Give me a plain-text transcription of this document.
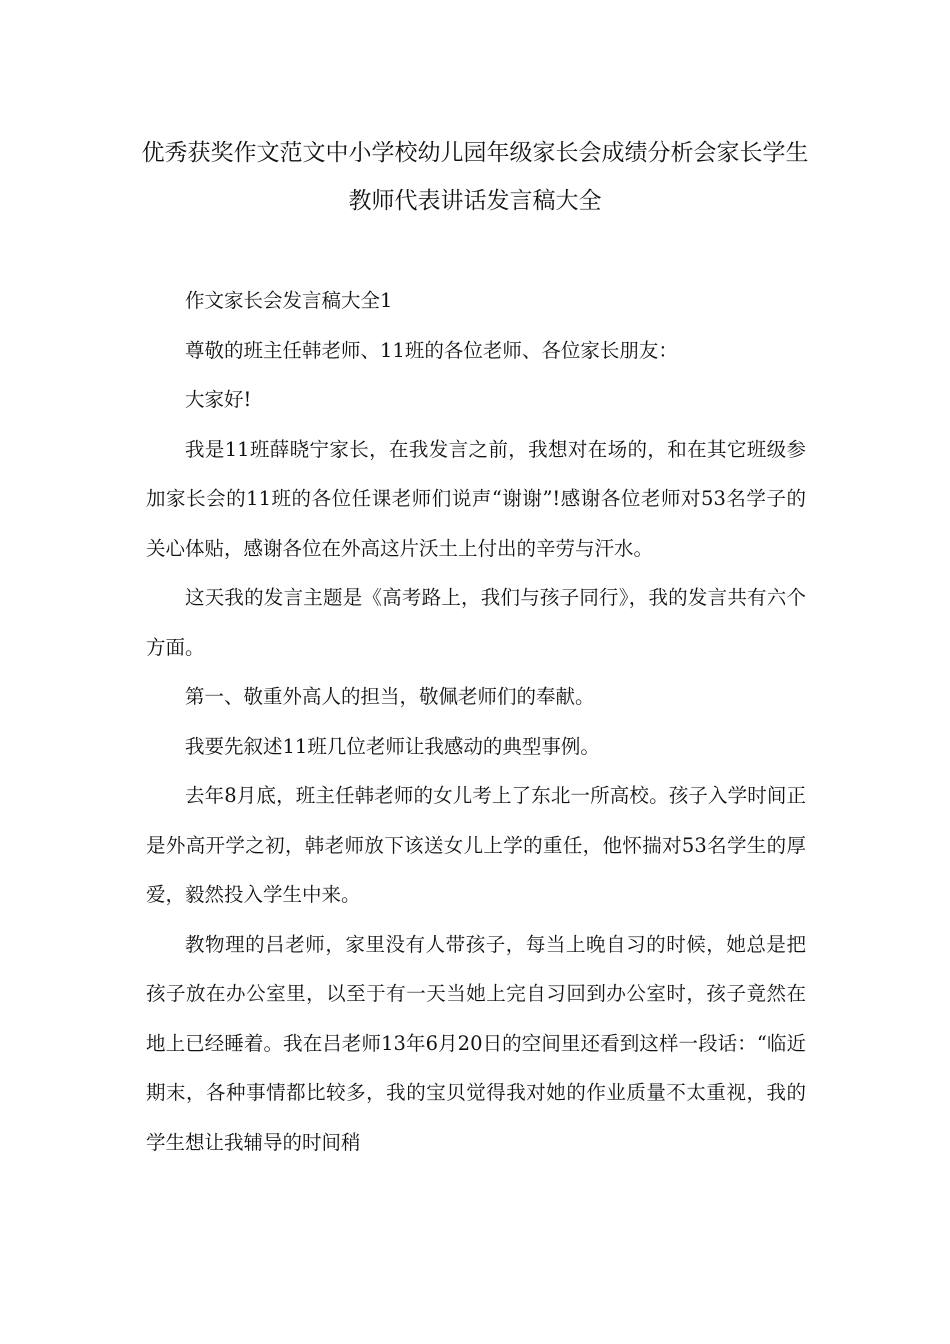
优秀获奖作文范文中小学校幼儿园年级家长会成绩分析会家长学生
教师代表讲话发言稿大全

作文家长会发言稿大全1

尊敬的班主任韩老师、11班的各位老师、各位家长朋友：

大家好!

我是11班薛晓宁家长，在我发言之前，我想对在场的，和在其它班级参加家长会的11班的各位任课老师们说声“谢谢”!感谢各位老师对53名学子的关心体贴，感谢各位在外高这片沃土上付出的辛劳与汗水。

这天我的发言主题是《高考路上，我们与孩子同行》，我的发言共有六个方面。

第一、敬重外高人的担当，敬佩老师们的奉献。

我要先叙述11班几位老师让我感动的典型事例。

去年8月底，班主任韩老师的女儿考上了东北一所高校。孩子入学时间正是外高开学之初，韩老师放下该送女儿上学的重任，他怀揣对53名学生的厚爱，毅然投入学生中来。

教物理的吕老师，家里没有人带孩子，每当上晚自习的时候，她总是把孩子放在办公室里，以至于有一天当她上完自习回到办公室时，孩子竟然在地上已经睡着。我在吕老师13年6月20日的空间里还看到这样一段话：“临近期末，各种事情都比较多，我的宝贝觉得我对她的作业质量不太重视，我的学生想让我辅导的时间稍
